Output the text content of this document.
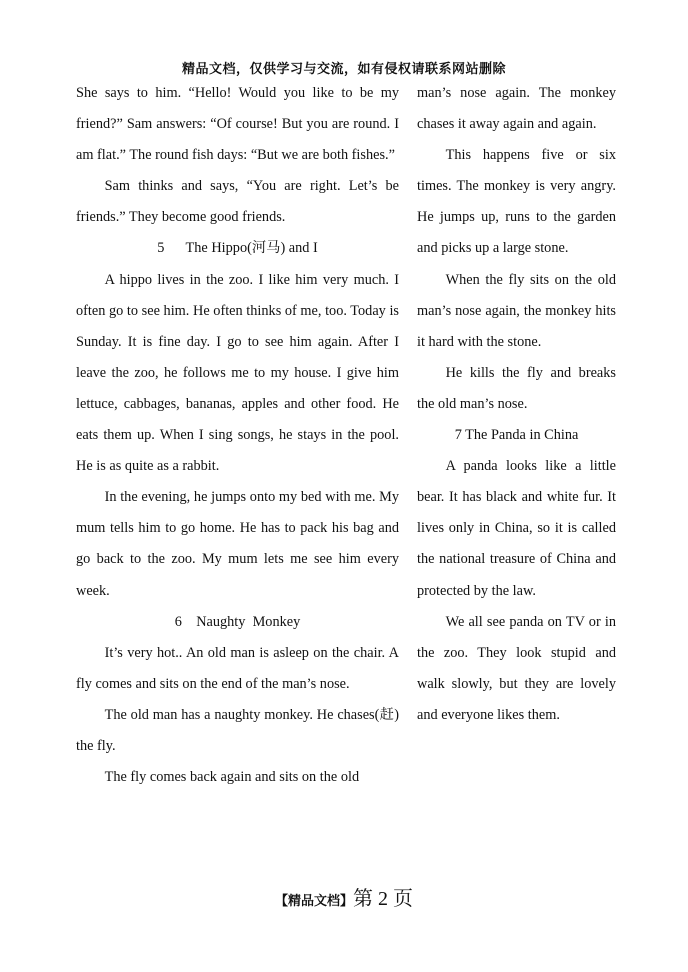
精品文档，仅供学习与交流，如有侵权请联系网站删除

She says to him. “Hello! Would you like to be my friend?” Sam answers: “Of course! But you are round. I am flat.” The round fish days: “But we are both fishes.”

Sam thinks and says, “You are right. Let’s be friends.” They become good friends.

5      The Hippo(河马) and I

A hippo lives in the zoo. I like him very much. I often go to see him. He often thinks of me, too. Today is Sunday. It is fine day. I go to see him again. After I leave the zoo, he follows me to my house. I give him lettuce, cabbages, bananas, apples and other food. He eats them up. When I sing songs, he stays in the pool. He is as quite as a rabbit.

In the evening, he jumps onto my bed with me. My mum tells him to go home. He has to pack his bag and go back to the zoo. My mum lets me see him every week.

6    Naughty  Monkey

It’s very hot.. An old man is asleep on the chair. A fly comes and sits on the end of the man’s nose.

The old man has a naughty monkey. He chases(赶) the fly.

The fly comes back again and sits on the old

man’s nose again. The monkey chases it away again and again.

This happens five or six times. The monkey is very angry. He jumps up, runs to the garden and picks up a large stone.

When the fly sits on the old man’s nose again, the monkey hits it hard with the stone.

He kills the fly and breaks the old man’s nose.

7 The Panda in China

A panda looks like a little bear. It has black and white fur. It lives only in China, so it is called the national treasure of China and protected by the law.

We all see panda on TV or in the zoo. They look stupid and walk slowly, but they are lovely and everyone likes them.

【精品文档】第 2 页
